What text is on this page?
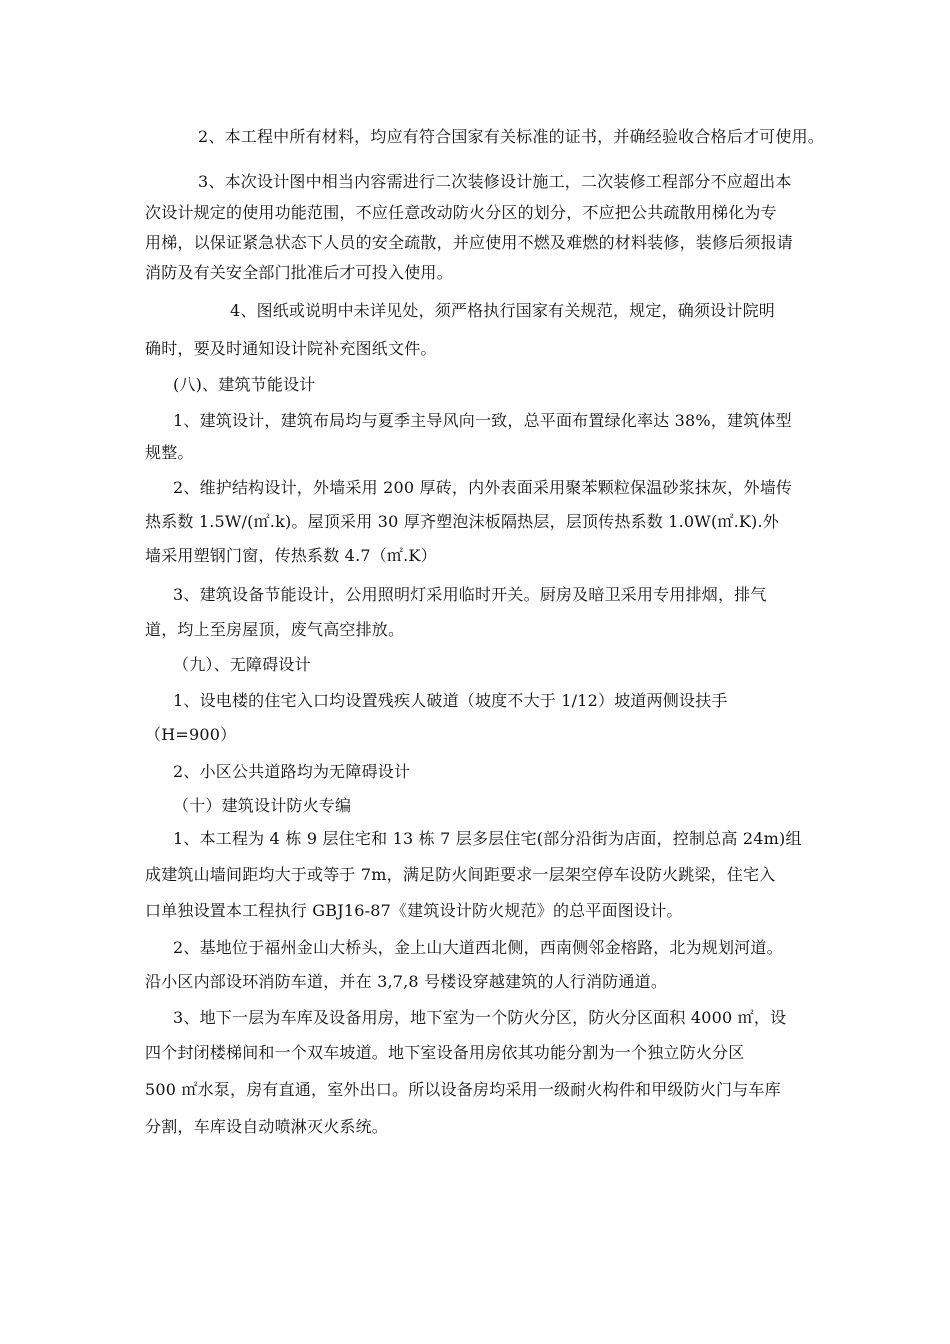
2、本工程中所有材料，均应有符合国家有关标准的证书，并确经验收合格后才可使用。
3、本次设计图中相当内容需进行二次装修设计施工，二次装修工程部分不应超出本
次设计规定的使用功能范围，不应任意改动防火分区的划分，不应把公共疏散用梯化为专
用梯，以保证紧急状态下人员的安全疏散，并应使用不燃及难燃的材料装修，装修后须报请
消防及有关安全部门批准后才可投入使用。
4、图纸或说明中未详见处，须严格执行国家有关规范，规定，确须设计院明
确时，要及时通知设计院补充图纸文件。
(八)、建筑节能设计
1、建筑设计，建筑布局均与夏季主导风向一致，总平面布置绿化率达 38%，建筑体型
规整。
2、维护结构设计，外墙采用 200 厚砖，内外表面采用聚苯颗粒保温砂浆抹灰，外墙传
热系数 1.5W/(㎡.k)。屋顶采用 30 厚齐塑泡沫板隔热层，层顶传热系数 1.0W(㎡.K).外
墙采用塑钢门窗，传热系数 4.7（㎡.K）
3、建筑设备节能设计，公用照明灯采用临时开关。厨房及暗卫采用专用排烟，排气
道，均上至房屋顶，废气高空排放。
（九）、无障碍设计
1、设电楼的住宅入口均设置残疾人破道（坡度不大于 1/12）坡道两侧设扶手
（H=900）
2、小区公共道路均为无障碍设计
（十）建筑设计防火专编
1、本工程为 4 栋 9 层住宅和 13 栋 7 层多层住宅(部分沿街为店面，控制总高 24m)组
成建筑山墙间距均大于或等于 7m，满足防火间距要求一层架空停车设防火跳梁，住宅入
口单独设置本工程执行 GBJ16-87《建筑设计防火规范》的总平面图设计。
2、基地位于福州金山大桥头，金上山大道西北侧，西南侧邻金榕路，北为规划河道。
沿小区内部设环消防车道，并在 3,7,8 号楼设穿越建筑的人行消防通道。
3、地下一层为车库及设备用房，地下室为一个防火分区，防火分区面积 4000 ㎡，设
四个封闭楼梯间和一个双车坡道。地下室设备用房依其功能分割为一个独立防火分区
500 ㎡水泵，房有直通，室外出口。所以设备房均采用一级耐火构件和甲级防火门与车库
分割，车库设自动喷淋灭火系统。
